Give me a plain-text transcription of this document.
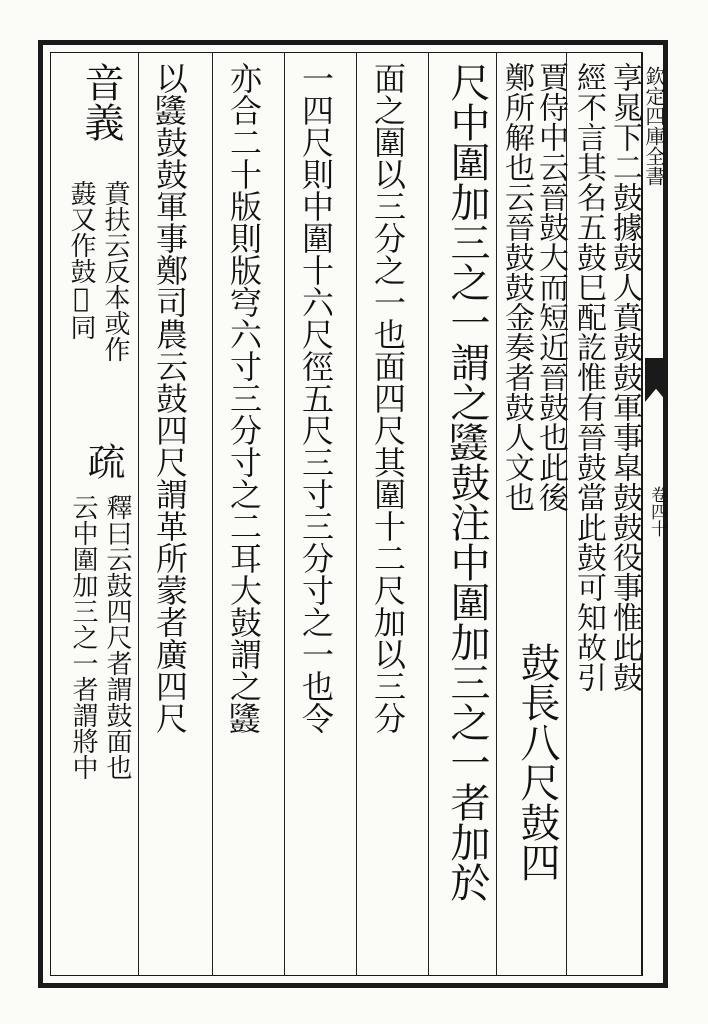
欽定四庫全書
卷四十
享晁下二鼓據鼓人賁鼓鼓軍事皐鼓鼓役事惟此鼓
經不言其名五鼓巳配訖惟有晉鼓當此鼓可知故引
賈侍中云晉鼓大而短近晉鼓也此後
鄭所解也云晉鼓鼓金奏者鼓人文也
鼓長八尺鼓四
尺中圍加三之一謂之𪔳鼓注中圍加三之一者加於
面之圍以三分之一也面四尺其圍十二尺加以三分
一四尺則中圍十六尺徑五尺三寸三分寸之一也令
亦合二十版則版穹六寸三分寸之二耳大鼓謂之𪔳
以𪔳鼓鼓軍事鄭司農云鼓四尺謂革所蒙者廣四尺
音義
賁扶云反本或作
鼖又作鼓𤊑同
疏
釋曰云鼓四尺者謂鼓面也
云中圍加三之一者謂將中
